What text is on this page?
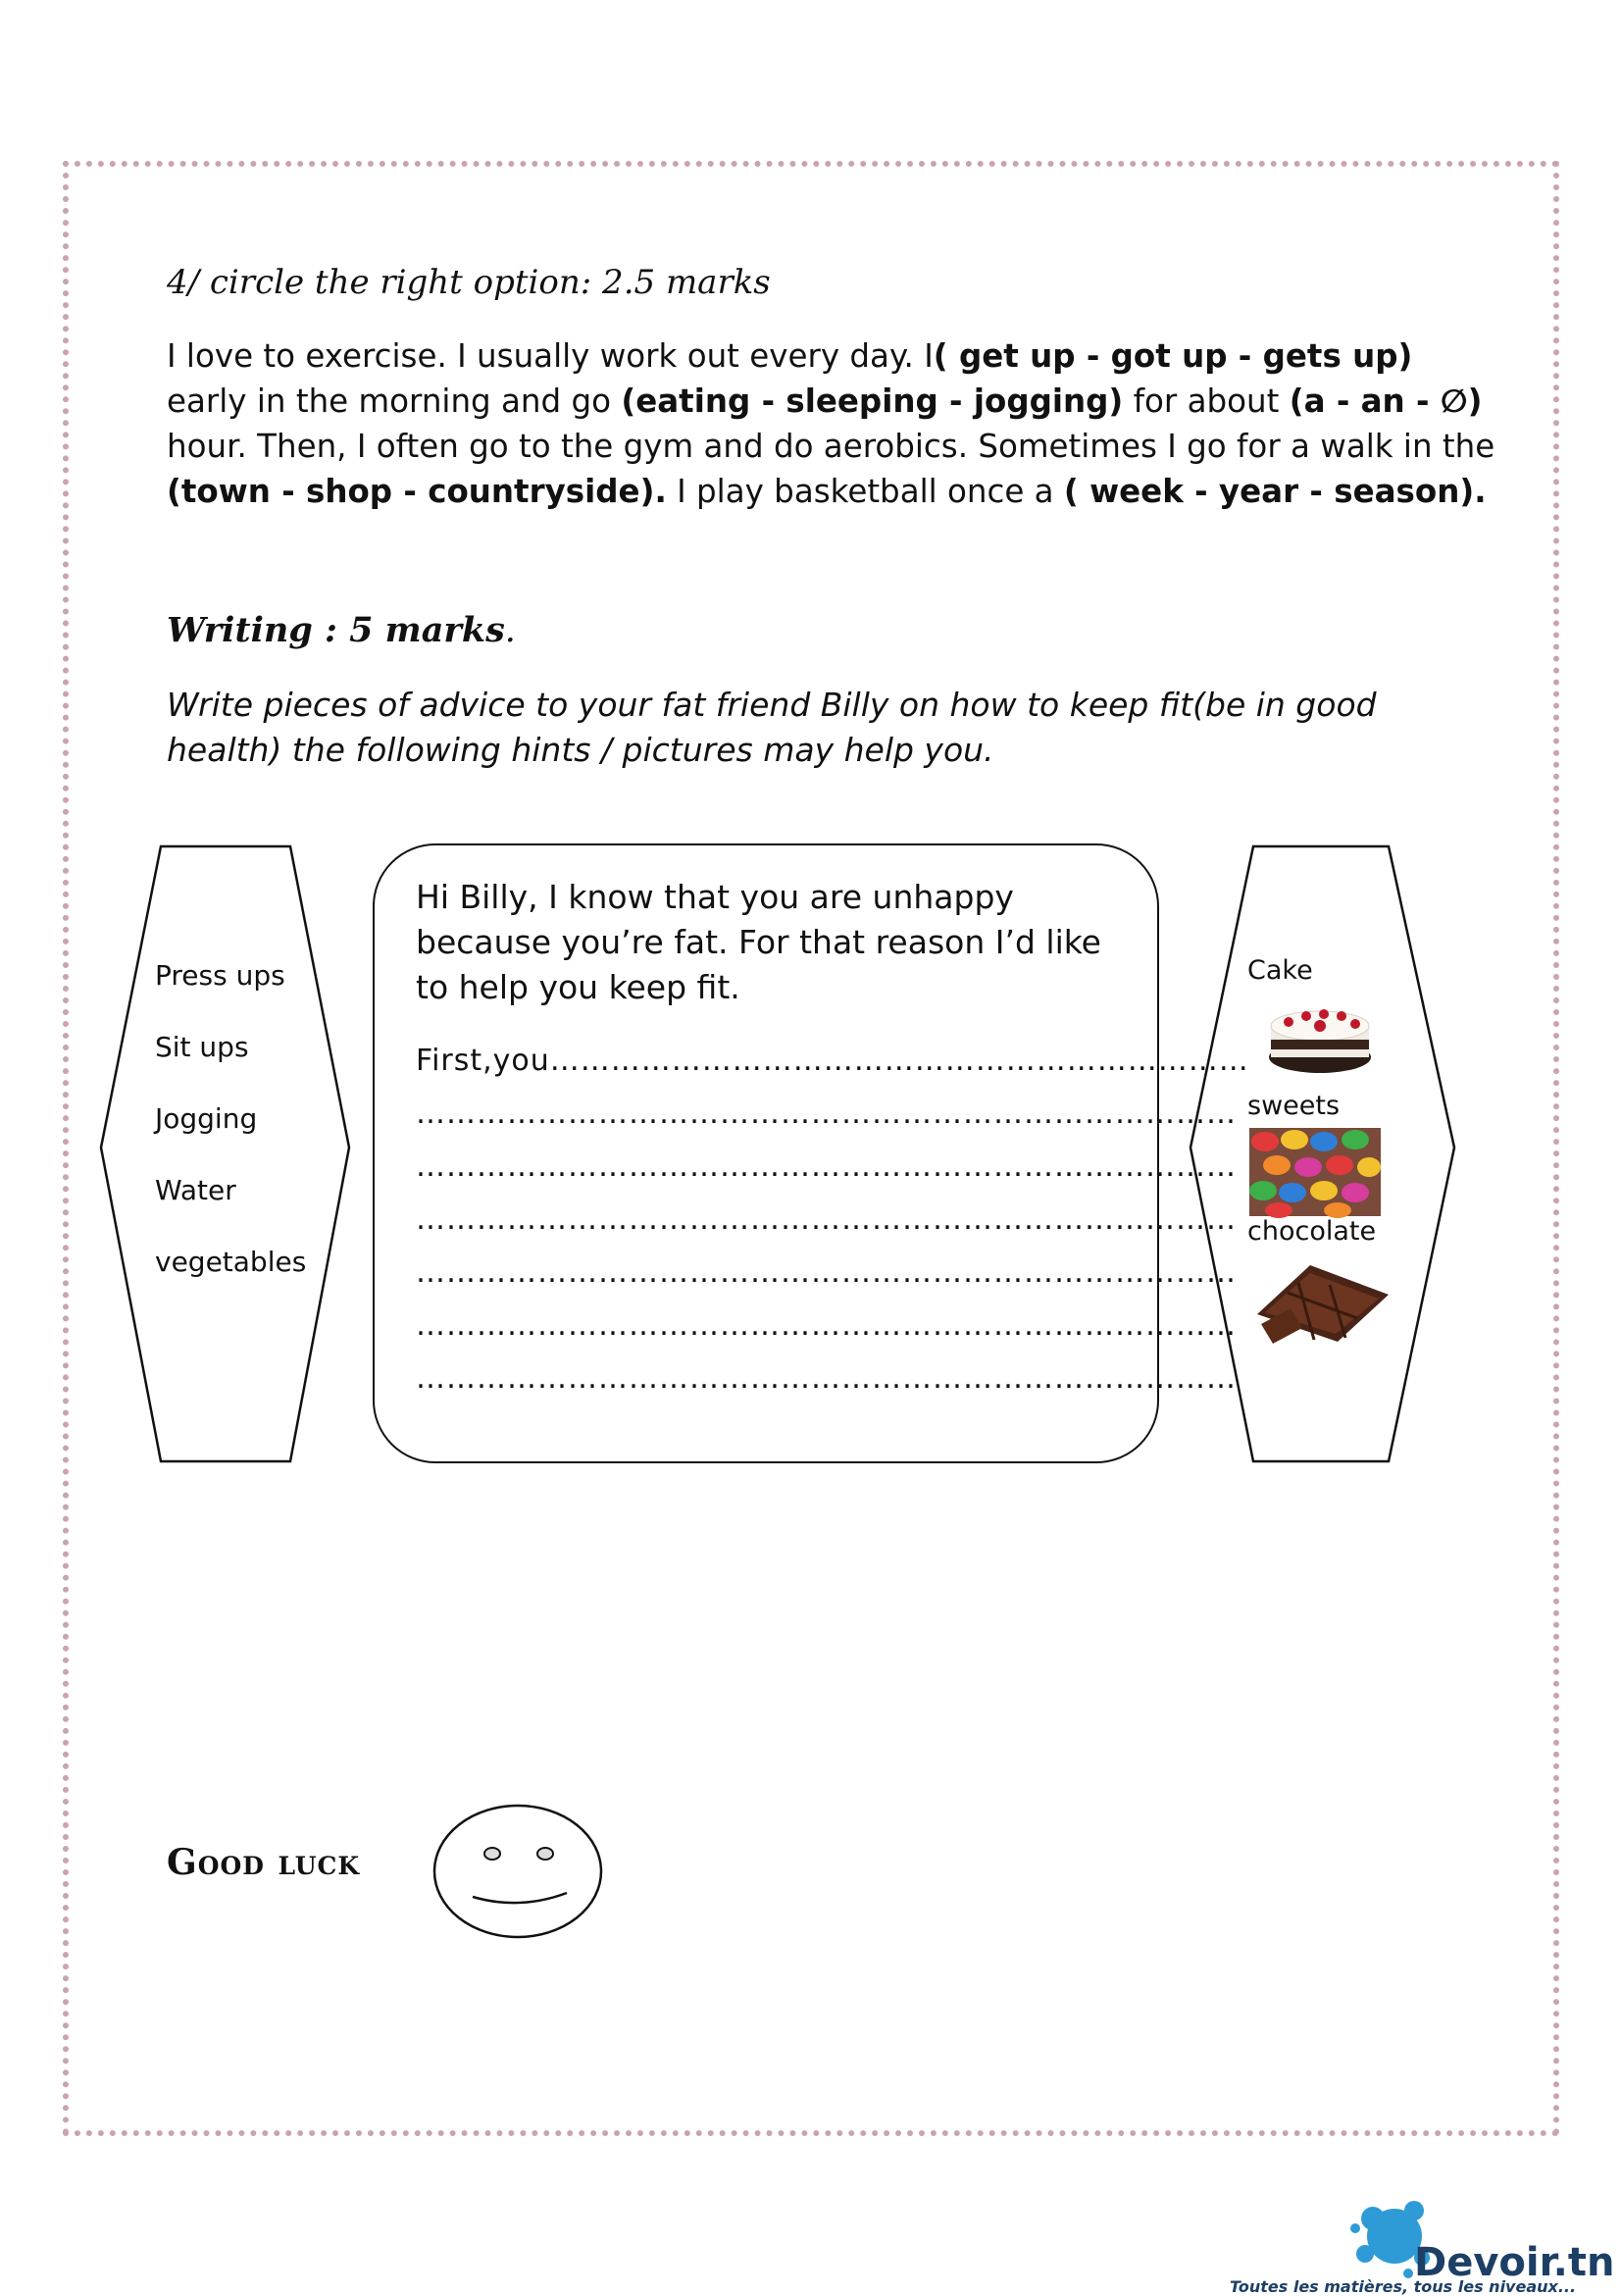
4/ circle the right option: 2.5 marks
I love to exercise. I usually work out every day. I( get up - got up - gets up) early in the morning and go (eating - sleeping - jogging) for about (a - an - ∅) hour. Then, I often go to the gym and do aerobics. Sometimes I go for a walk in the (town - shop - countryside). I play basketball once a ( week - year - season).
Writing : 5 marks.
Write pieces of advice to your fat friend Billy on how to keep fit(be in good health) the following hints / pictures may help you.
Press ups
Sit ups
Jogging
Water
vegetables
Hi Billy, I know that you are unhappy because you’re fat. For that reason I’d like to help you keep fit.
First,you……………………………………………………………
………………………………………………………………………
………………………………………………………………………
………………………………………………………………………
………………………………………………………………………
………………………………………………………………………
………………………………………………………………………
Cake
sweets
chocolate
Good luck
Devoir.tn
Toutes les matières, tous les niveaux...
